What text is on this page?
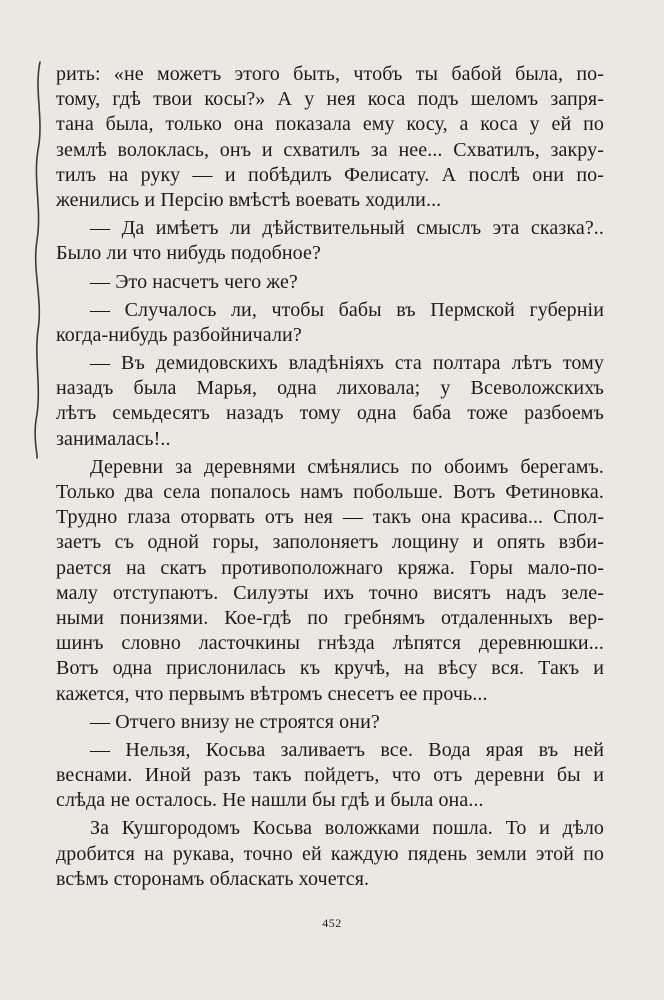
рить: «не можетъ этого быть, чтобъ ты бабой была, по-
тому, гдѣ твои косы?» А у нея коса подъ шеломъ запря-
тана была, только она показала ему косу, а коса у ей по
землѣ волоклась, онъ и схватилъ за нее... Схватилъ, закру-
тилъ на руку — и побѣдилъ Фелисату. А послѣ они по-
женились и Персію вмѣстѣ воевать ходили...
— Да имѣетъ ли дѣйствительный смыслъ эта сказка?..
Было ли что нибудь подобное?
— Это насчетъ чего же?
— Случалось ли, чтобы бабы въ Пермской губерніи
когда-нибудь разбойничали?
— Въ демидовскихъ владѣніяхъ ста полтара лѣтъ тому
назадъ была Марья, одна лиховала; у Всеволожскихъ
лѣтъ семьдесятъ назадъ тому одна баба тоже разбоемъ
занималась!..
Деревни за деревнями смѣнялись по обоимъ берегамъ.
Только два села попалось намъ побольше. Вотъ Фетиновка.
Трудно глаза оторвать отъ нея — такъ она красива... Спол-
заетъ съ одной горы, заполоняетъ лощину и опять взби-
рается на скатъ противоположнаго кряжа. Горы мало-по-
малу отступаютъ. Силуэты ихъ точно висятъ надъ зеле-
ными понизями. Кое-гдѣ по гребнямъ отдаленныхъ вер-
шинъ словно ласточкины гнѣзда лѣпятся деревнюшки...
Вотъ одна прислонилась къ кручѣ, на вѣсу вся. Такъ и
кажется, что первымъ вѣтромъ снесетъ ее прочь...
— Отчего внизу не строятся они?
— Нельзя, Косьва заливаетъ все. Вода ярая въ ней
веснами. Иной разъ такъ пойдетъ, что отъ деревни бы и
слѣда не осталось. Не нашли бы гдѣ и была она...
За Кушгородомъ Косьва воложками пошла. То и дѣло
дробится на рукава, точно ей каждую пядень земли этой по
всѣмъ сторонамъ обласкать хочется.
452
